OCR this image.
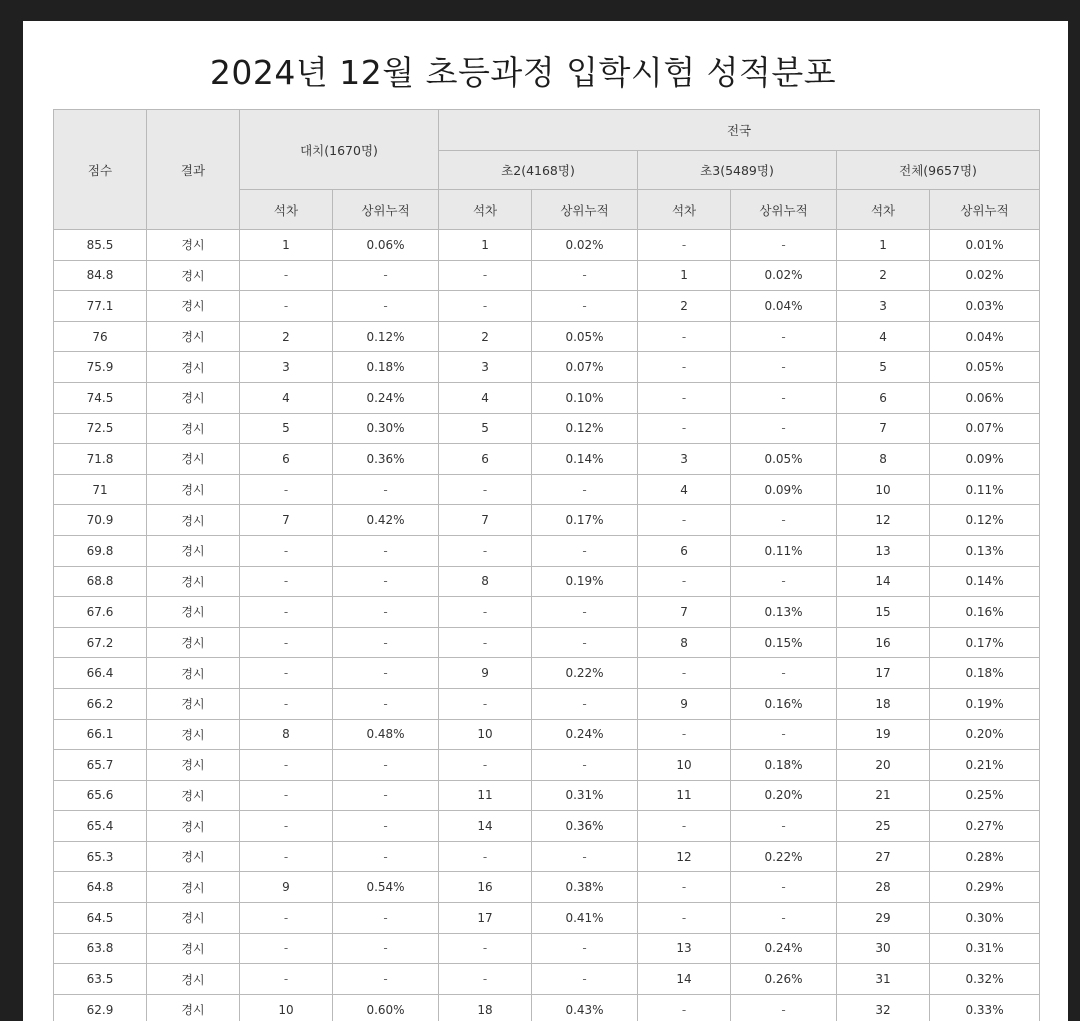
2024년 12월 초등과정 입학시험 성적분포
점수	결과	대치(1670명)		전국					
				초2(4168명)		초3(5489명)		전체(9657명)	
		석차	상위누적	석차	상위누적	석차	상위누적	석차	상위누적
85.5	경시	1	0.06%	1	0.02%	-	-	1	0.01%
84.8	경시	-	-	-	-	1	0.02%	2	0.02%
77.1	경시	-	-	-	-	2	0.04%	3	0.03%
76	경시	2	0.12%	2	0.05%	-	-	4	0.04%
75.9	경시	3	0.18%	3	0.07%	-	-	5	0.05%
74.5	경시	4	0.24%	4	0.10%	-	-	6	0.06%
72.5	경시	5	0.30%	5	0.12%	-	-	7	0.07%
71.8	경시	6	0.36%	6	0.14%	3	0.05%	8	0.09%
71	경시	-	-	-	-	4	0.09%	10	0.11%
70.9	경시	7	0.42%	7	0.17%	-	-	12	0.12%
69.8	경시	-	-	-	-	6	0.11%	13	0.13%
68.8	경시	-	-	8	0.19%	-	-	14	0.14%
67.6	경시	-	-	-	-	7	0.13%	15	0.16%
67.2	경시	-	-	-	-	8	0.15%	16	0.17%
66.4	경시	-	-	9	0.22%	-	-	17	0.18%
66.2	경시	-	-	-	-	9	0.16%	18	0.19%
66.1	경시	8	0.48%	10	0.24%	-	-	19	0.20%
65.7	경시	-	-	-	-	10	0.18%	20	0.21%
65.6	경시	-	-	11	0.31%	11	0.20%	21	0.25%
65.4	경시	-	-	14	0.36%	-	-	25	0.27%
65.3	경시	-	-	-	-	12	0.22%	27	0.28%
64.8	경시	9	0.54%	16	0.38%	-	-	28	0.29%
64.5	경시	-	-	17	0.41%	-	-	29	0.30%
63.8	경시	-	-	-	-	13	0.24%	30	0.31%
63.5	경시	-	-	-	-	14	0.26%	31	0.32%
62.9	경시	10	0.60%	18	0.43%	-	-	32	0.33%
